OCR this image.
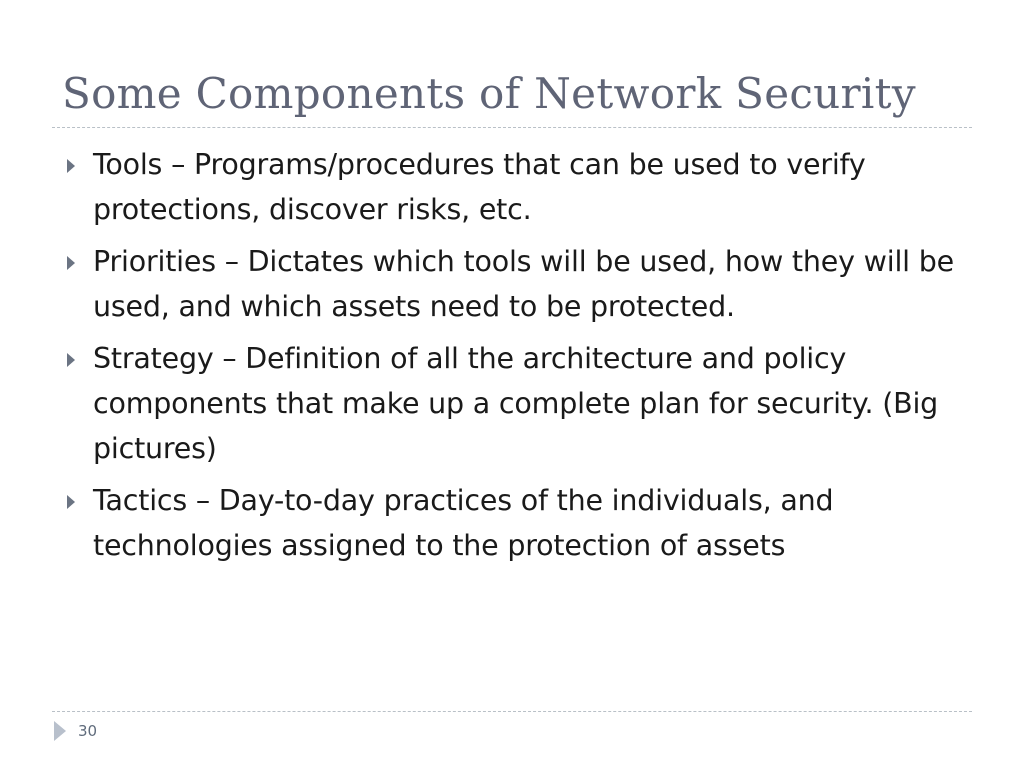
Some Components of Network Security
Tools – Programs/procedures that can be used to verify protections, discover risks, etc.
Priorities – Dictates which tools will be used, how they will be used, and which assets need to be protected.
Strategy – Definition of all the architecture and policy components that make up a complete plan for security. (Big pictures)
Tactics – Day-to-day practices of the individuals, and technologies assigned to the protection of assets
30
